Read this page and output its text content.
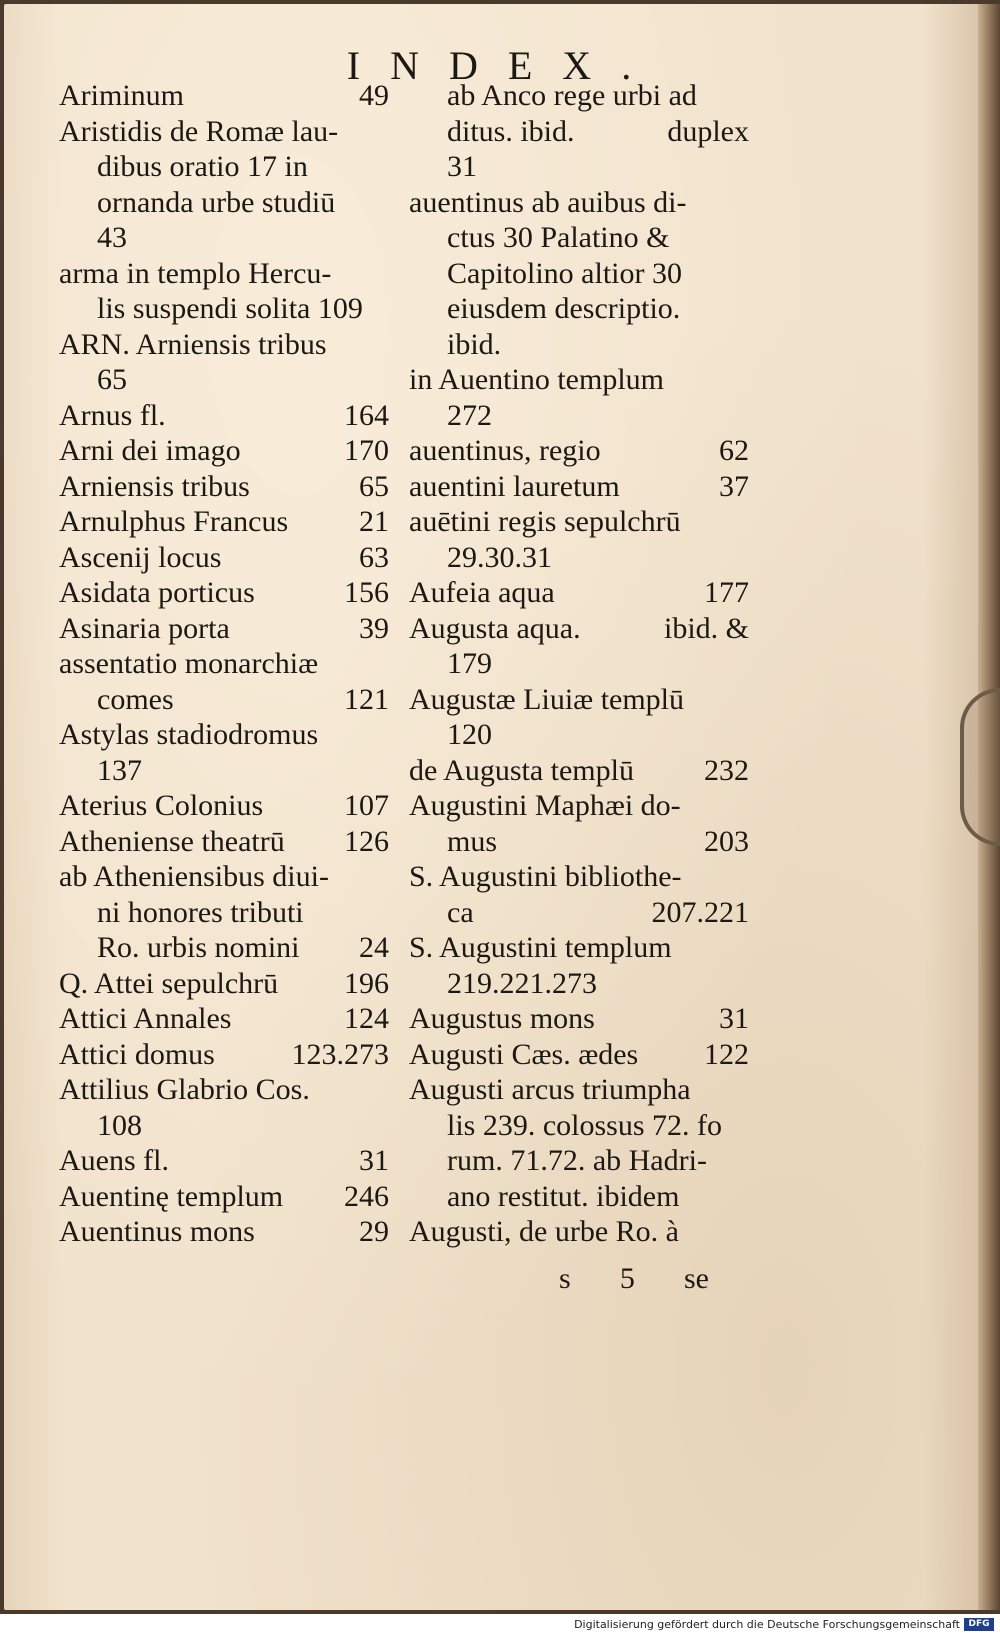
INDEX.
Ariminum	49
Aristidis de Romæ lau-
dibus oratio 17 in
ornanda urbe studiū
43
arma in templo Hercu-
lis suspendi solita 109
ARN. Arniensis tribus
65
Arnus fl.	164
Arni dei imago	170
Arniensis tribus	65
Arnulphus Francus 21
Ascenij locus	63
Asidata porticus	156
Asinaria porta	39
assentatio monarchiæ
comes	121
Astylas stadiodromus
137
Aterius Colonius	107
Atheniense theatrū 126
ab Atheniensibus diui-
ni honores tributi
Ro. urbis nomini 24
Q. Attei sepulchrū 196
Attici Annales	124
Attici domus	123.273
Attilius Glabrio Cos.
108
Auens fl.	31
Auentinę templum 246
Auentinus mons	29
ab Anco rege urbi ad
ditus. ibid.	duplex
31
auentinus ab auibus di-
ctus 30 Palatino &
Capitolino altior 30
eiusdem descriptio.
ibid.
in Auentino templum
272
auentinus, regio	62
auentini lauretum	37
auētini regis sepulchrū
29.30.31
Aufeia aqua	177
Augusta aqua.	ibid. &
179
Augustæ Liuiæ templū
120
de Augusta templū 232
Augustini Maphæi do-
mus	203
S. Augustini bibliothe-
ca	207.221
S. Augustini templum
219.221.273
Augustus mons	31
Augusti Cæs. ædes 122
Augusti arcus triumpha
lis 239. colossus 72. fo
rum. 71.72. ab Hadri-
ano restitut. ibidem
Augusti, de urbe Ro. à
s 5 se
Digitalisierung gefördert durch die Deutsche Forschungsgemeinschaft DFG
